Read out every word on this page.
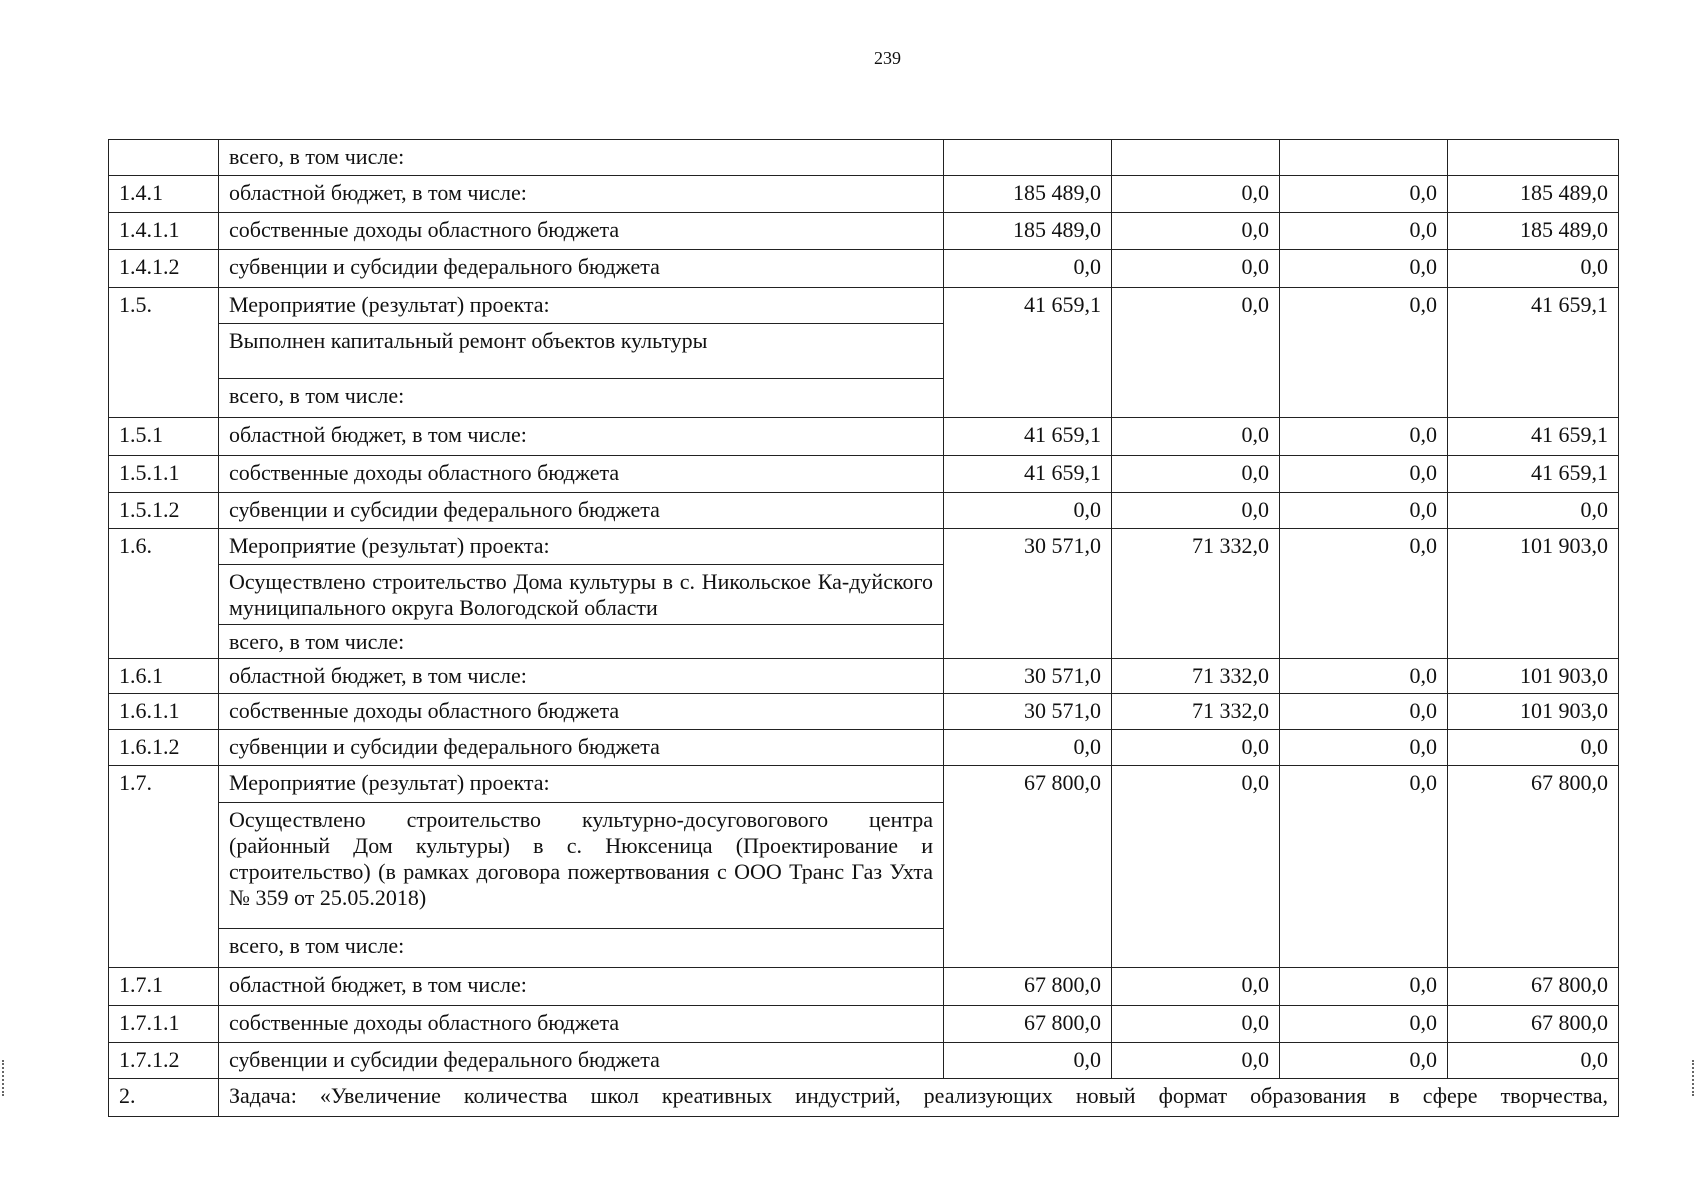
239
	всего, в том числе:				
1.4.1	областной бюджет, в том числе:	185 489,0	0,0	0,0	185 489,0
1.4.1.1	собственные доходы областного бюджета	185 489,0	0,0	0,0	185 489,0
1.4.1.2	субвенции и субсидии федерального бюджета	0,0	0,0	0,0	0,0
1.5.	Мероприятие (результат) проекта:	41 659,1	0,0	0,0	41 659,1
	Выполнен капитальный ремонт объектов культуры				
	всего, в том числе:				
1.5.1	областной бюджет, в том числе:	41 659,1	0,0	0,0	41 659,1
1.5.1.1	собственные доходы областного бюджета	41 659,1	0,0	0,0	41 659,1
1.5.1.2	субвенции и субсидии федерального бюджета	0,0	0,0	0,0	0,0
1.6.	Мероприятие (результат) проекта:	30 571,0	71 332,0	0,0	101 903,0
	Осуществлено строительство Дома культуры в с. Никольское Ка-дуйского муниципального округа Вологодской области				
	всего, в том числе:				
1.6.1	областной бюджет, в том числе:	30 571,0	71 332,0	0,0	101 903,0
1.6.1.1	собственные доходы областного бюджета	30 571,0	71 332,0	0,0	101 903,0
1.6.1.2	субвенции и субсидии федерального бюджета	0,0	0,0	0,0	0,0
1.7.	Мероприятие (результат) проекта:	67 800,0	0,0	0,0	67 800,0
	Осуществлено строительство культурно-досуговогового центра (районный Дом культуры) в с. Нюксеница (Проектирование и строительство) (в рамках договора пожертвования с ООО Транс Газ Ухта № 359 от 25.05.2018)				
	всего, в том числе:				
1.7.1	областной бюджет, в том числе:	67 800,0	0,0	0,0	67 800,0
1.7.1.1	собственные доходы областного бюджета	67 800,0	0,0	0,0	67 800,0
1.7.1.2	субвенции и субсидии федерального бюджета	0,0	0,0	0,0	0,0
2.	Задача: «Увеличение количества школ креативных индустрий, реализующих новый формат образования в сфере творчества,				
